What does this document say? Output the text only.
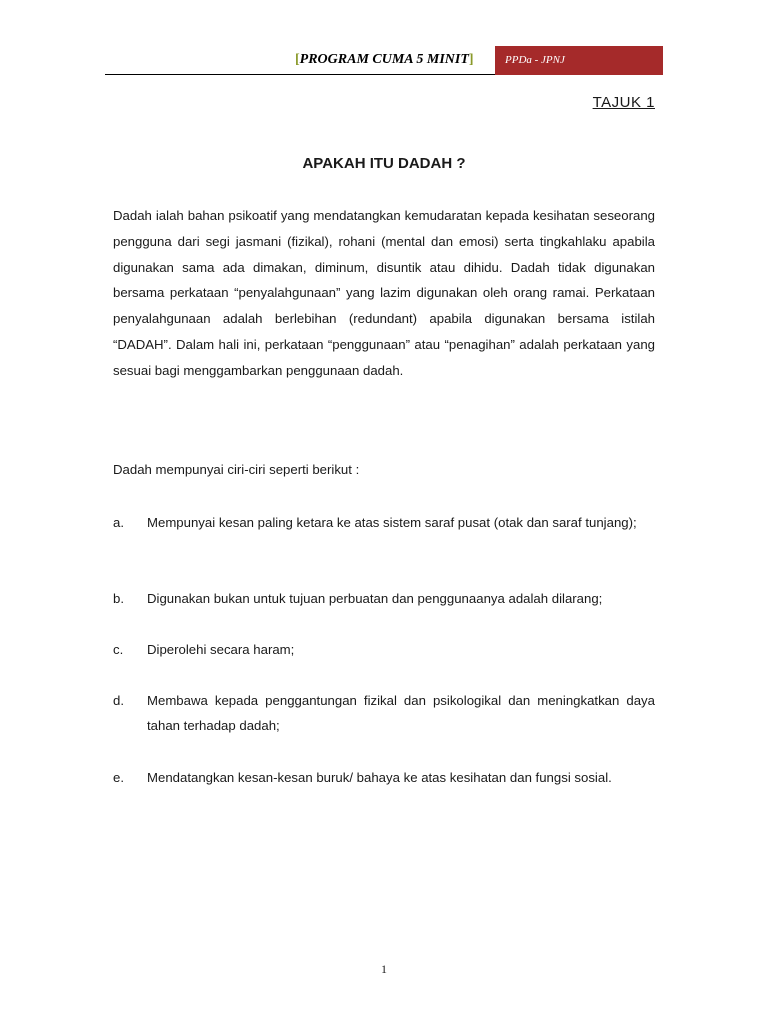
[PROGRAM CUMA 5 MINIT]	PPDa - JPNJ
TAJUK 1
APAKAH ITU DADAH ?

Dadah ialah bahan psikoatif yang mendatangkan kemudaratan kepada kesihatan seseorang pengguna dari segi jasmani (fizikal), rohani (mental dan emosi) serta tingkahlaku apabila digunakan sama ada dimakan, diminum, disuntik atau dihidu. Dadah tidak digunakan bersama perkataan “penyalahgunaan” yang lazim digunakan oleh orang ramai. Perkataan penyalahgunaan adalah berlebihan (redundant) apabila digunakan bersama istilah “DADAH”. Dalam hali ini, perkataan “penggunaan” atau “penagihan” adalah perkataan yang sesuai bagi menggambarkan penggunaan dadah.

Dadah mempunyai ciri-ciri seperti berikut :
a. Mempunyai kesan paling ketara ke atas sistem saraf pusat (otak dan saraf tunjang);
b. Digunakan bukan untuk tujuan perbuatan dan penggunaanya adalah dilarang;
c. Diperolehi secara haram;
d. Membawa kepada penggantungan fizikal dan psikologikal dan meningkatkan daya tahan terhadap dadah;
e. Mendatangkan kesan-kesan buruk/ bahaya ke atas kesihatan dan fungsi sosial.
1
